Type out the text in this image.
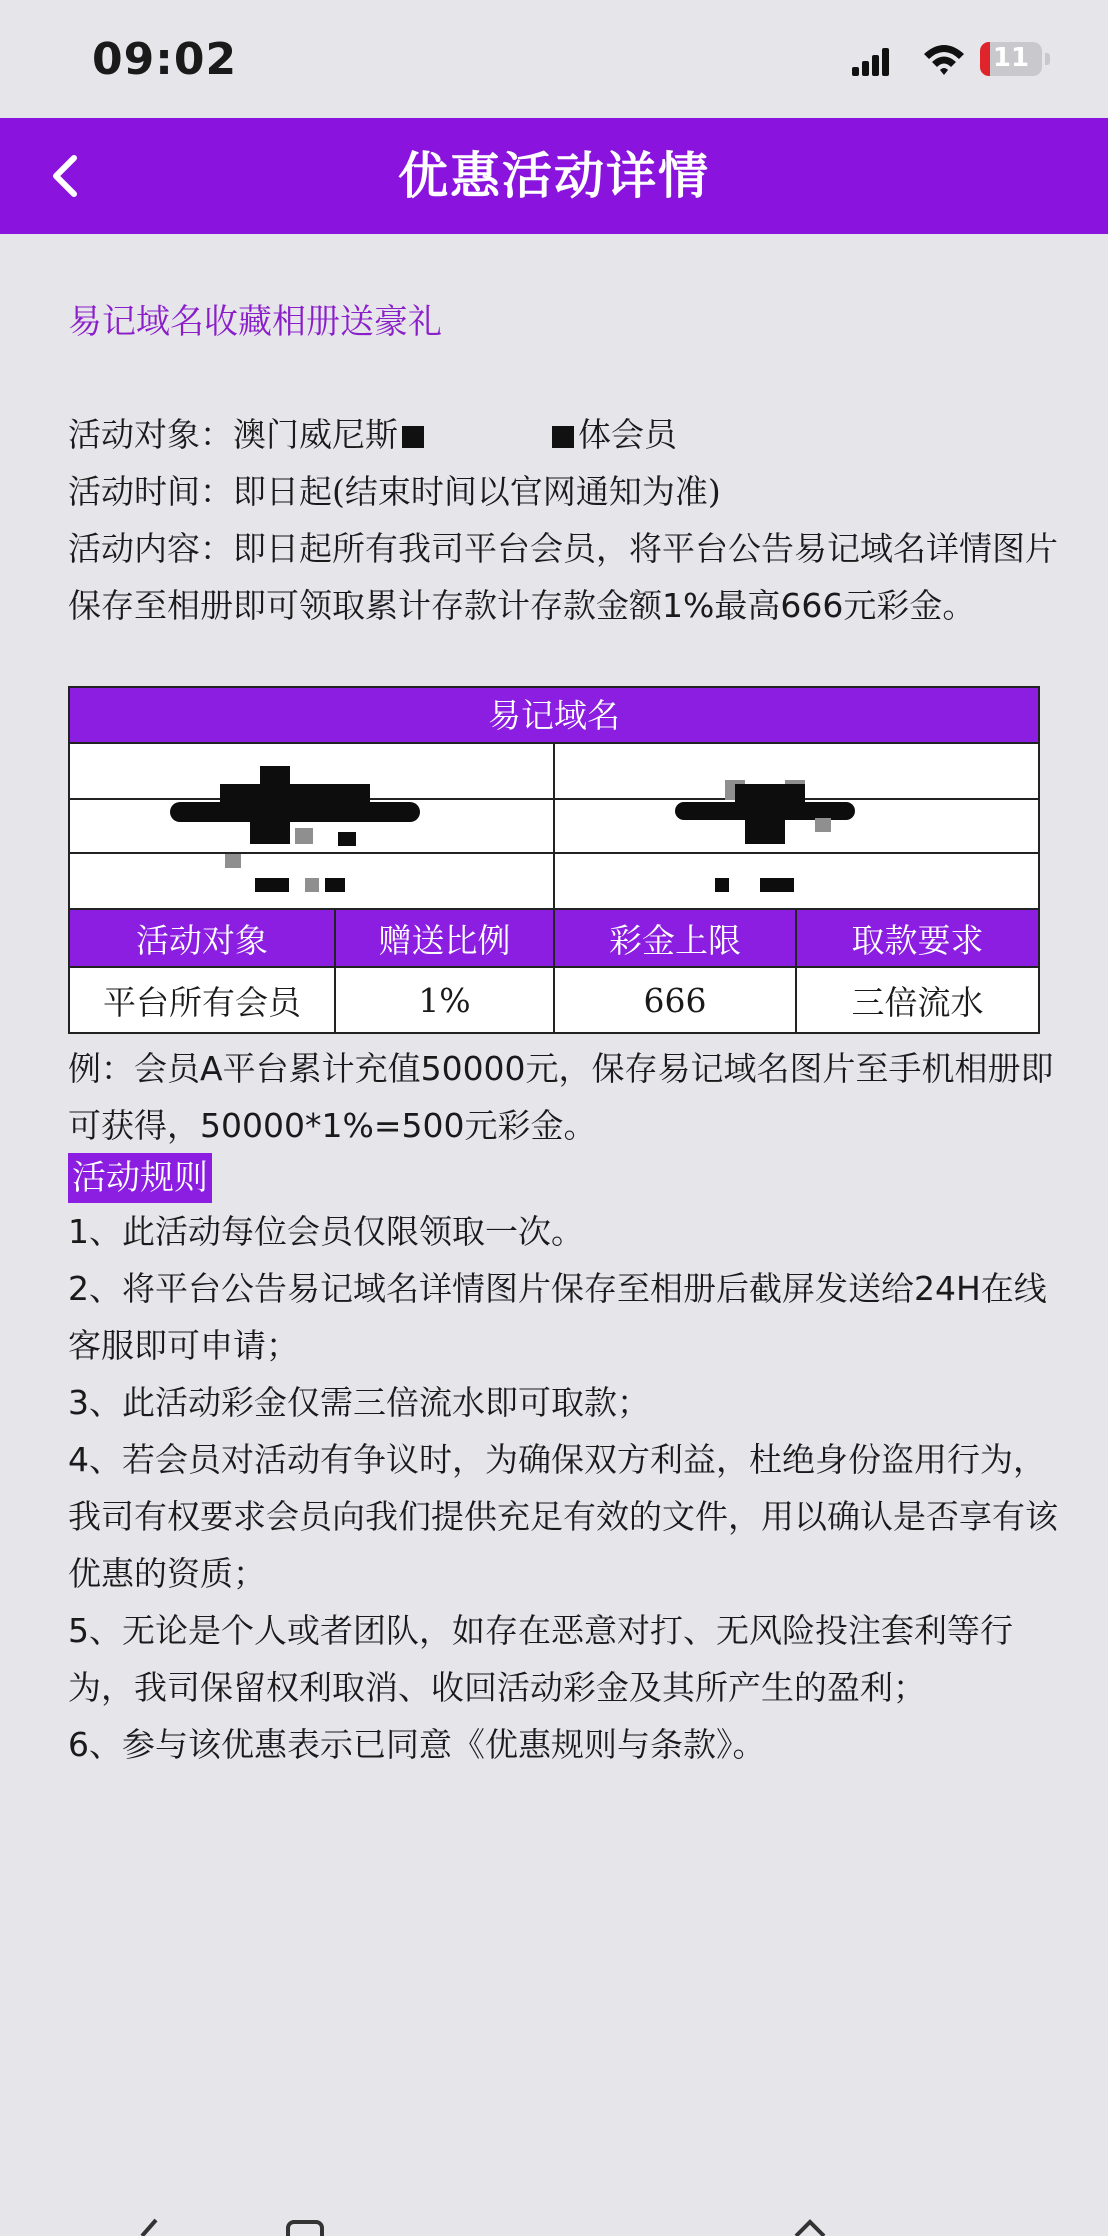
09:02	11
优惠活动详情
易记域名收藏相册送豪礼
活动对象：澳门威尼斯	体会员
活动时间：即日起(结束时间以官网通知为准)
活动内容：即日起所有我司平台会员，将平台公告易记域名详情图片保存至相册即可领取累计存款计存款金额1%最高666元彩金。
易记域名
活动对象	赠送比例	彩金上限	取款要求
平台所有会员	1%	666	三倍流水
例：会员A平台累计充值50000元，保存易记域名图片至手机相册即可获得，50000*1%=500元彩金。
活动规则

1、此活动每位会员仅限领取一次。

2、将平台公告易记域名详情图片保存至相册后截屏发送给24H在线客服即可申请；

3、此活动彩金仅需三倍流水即可取款；

4、若会员对活动有争议时，为确保双方利益，杜绝身份盗用行为，我司有权要求会员向我们提供充足有效的文件，用以确认是否享有该优惠的资质；

5、无论是个人或者团队，如存在恶意对打、无风险投注套利等行为，我司保留权利取消、收回活动彩金及其所产生的盈利；

6、参与该优惠表示已同意《优惠规则与条款》。
